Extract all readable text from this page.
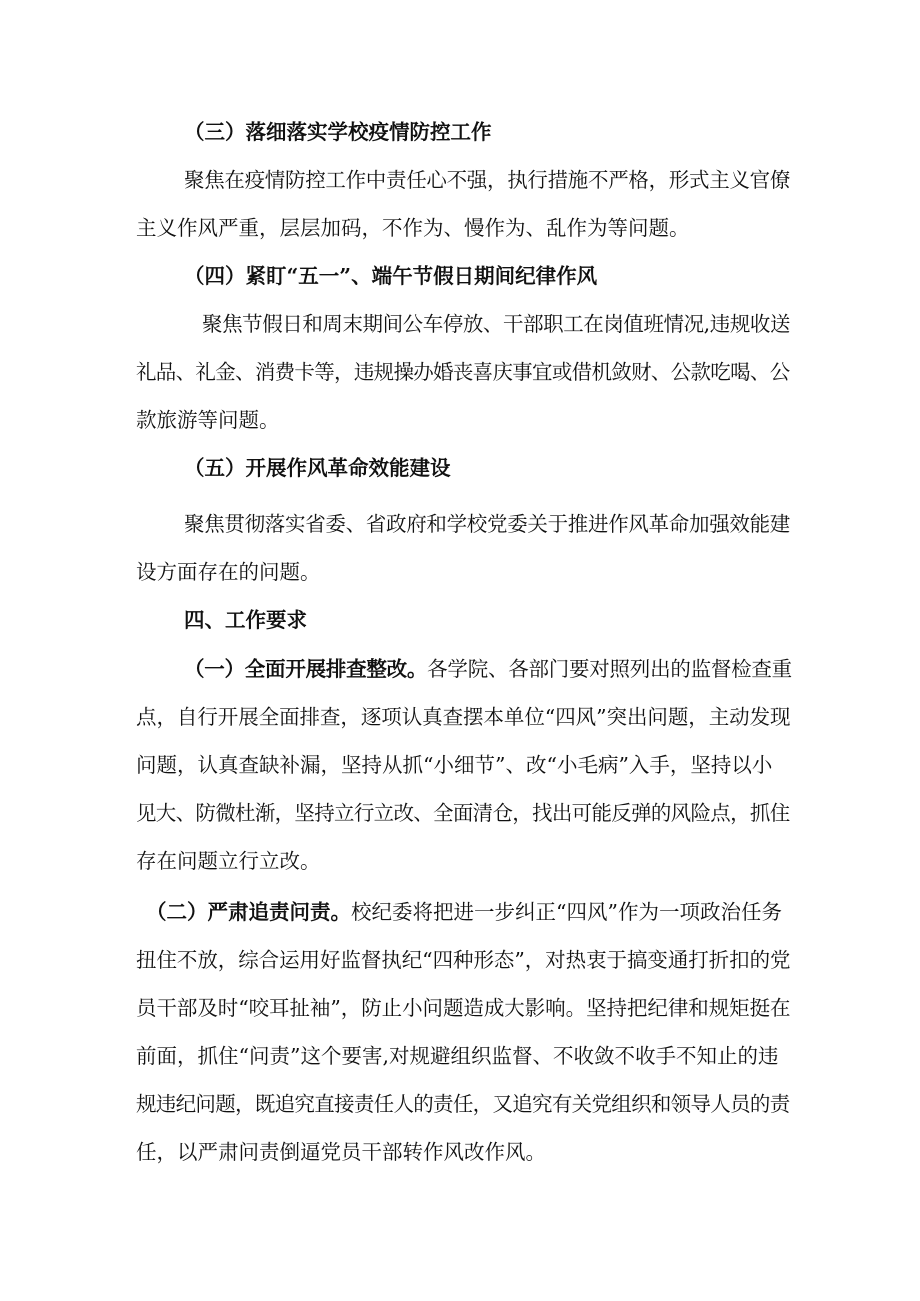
（三）落细落实学校疫情防控工作
聚焦在疫情防控工作中责任心不强，执行措施不严格，形式主义官僚
主义作风严重，层层加码，不作为、慢作为、乱作为等问题。
（四）紧盯“五一”、端午节假日期间纪律作风
聚焦节假日和周末期间公车停放、干部职工在岗值班情况,违规收送
礼品、礼金、消费卡等，违规操办婚丧喜庆事宜或借机敛财、公款吃喝、公
款旅游等问题。
（五）开展作风革命效能建设
聚焦贯彻落实省委、省政府和学校党委关于推进作风革命加强效能建
设方面存在的问题。
四、工作要求
（一）全面开展排查整改。各学院、各部门要对照列出的监督检查重
点，自行开展全面排查，逐项认真查摆本单位“四风”突出问题，主动发现
问题，认真查缺补漏，坚持从抓“小细节”、改“小毛病”入手，坚持以小
见大、防微杜渐，坚持立行立改、全面清仓，找出可能反弹的风险点，抓住
存在问题立行立改。
（二）严肃追责问责。校纪委将把进一步纠正“四风”作为一项政治任务
扭住不放，综合运用好监督执纪“四种形态”，对热衷于搞变通打折扣的党
员干部及时“咬耳扯袖”，防止小问题造成大影响。坚持把纪律和规矩挺在
前面，抓住“问责”这个要害,对规避组织监督、不收敛不收手不知止的违
规违纪问题，既追究直接责任人的责任，又追究有关党组织和领导人员的责
任，以严肃问责倒逼党员干部转作风改作风。
